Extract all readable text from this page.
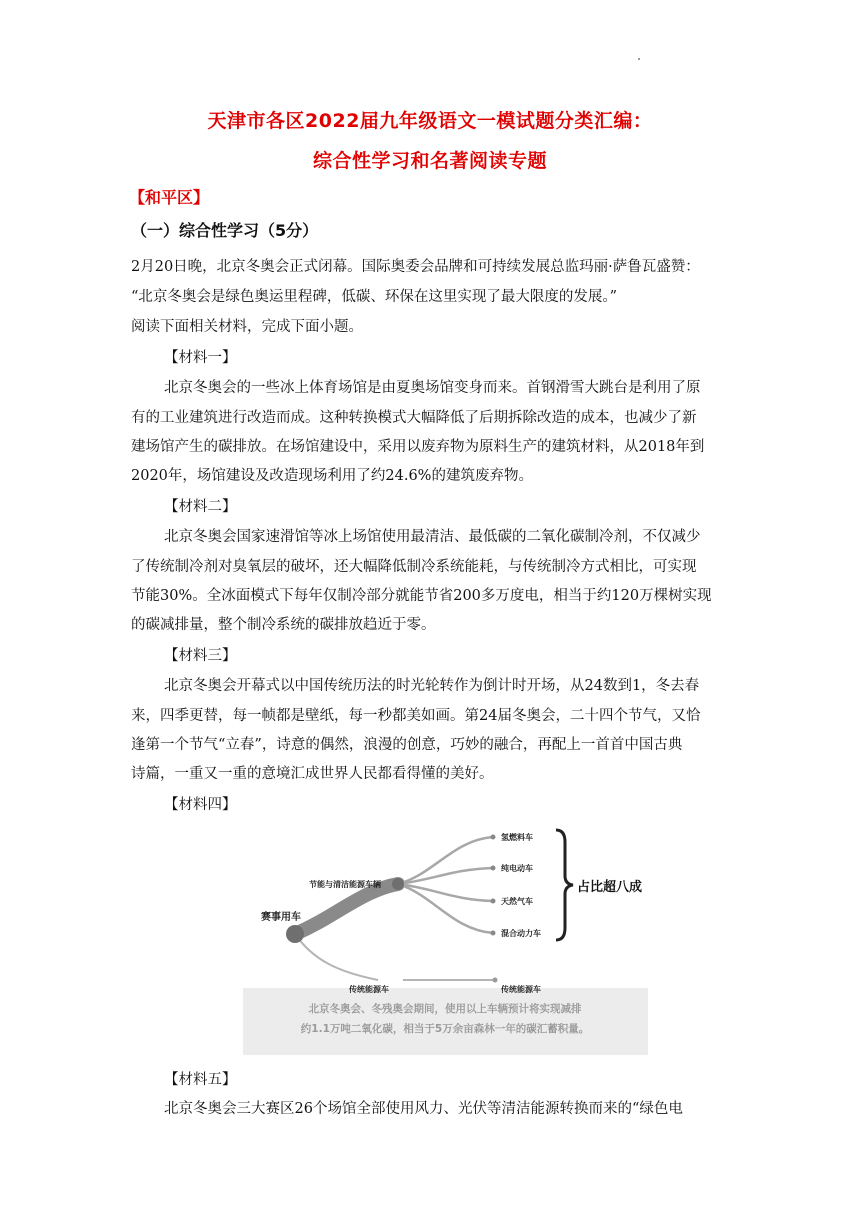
天津市各区2022届九年级语文一模试题分类汇编：
综合性学习和名著阅读专题
【和平区】
（一）综合性学习（5分）
2月20日晚，北京冬奥会正式闭幕。国际奥委会品牌和可持续发展总监玛丽·萨鲁瓦盛赞：
“北京冬奥会是绿色奥运里程碑，低碳、环保在这里实现了最大限度的发展。”
阅读下面相关材料，完成下面小题。
【材料一】
北京冬奥会的一些冰上体育场馆是由夏奥场馆变身而来。首钢滑雪大跳台是利用了原
有的工业建筑进行改造而成。这种转换模式大幅降低了后期拆除改造的成本，也减少了新
建场馆产生的碳排放。在场馆建设中，采用以废弃物为原料生产的建筑材料，从2018年到
2020年，场馆建设及改造现场利用了约24.6%的建筑废弃物。
【材料二】
北京冬奥会国家速滑馆等冰上场馆使用最清洁、最低碳的二氧化碳制冷剂，不仅减少
了传统制冷剂对臭氧层的破坏，还大幅降低制冷系统能耗，与传统制冷方式相比，可实现
节能30%。全冰面模式下每年仅制冷部分就能节省200多万度电，相当于约120万棵树实现
的碳减排量，整个制冷系统的碳排放趋近于零。
【材料三】
北京冬奥会开幕式以中国传统历法的时光轮转作为倒计时开场，从24数到1，冬去春
来，四季更替，每一帧都是壁纸，每一秒都美如画。第24届冬奥会，二十四个节气，又恰
逢第一个节气“立春”，诗意的偶然，浪漫的创意，巧妙的融合，再配上一首首中国古典
诗篇，一重又一重的意境汇成世界人民都看得懂的美好。
【材料四】
赛事用车
节能与清洁能源车辆
传统能源车
氢燃料车
纯电动车
天然气车
混合动力车
传统能源车
占比超八成
北京冬奥会、冬残奥会期间，使用以上车辆预计将实现减排
约1.1万吨二氧化碳，相当于5万余亩森林一年的碳汇蓄积量。
【材料五】
北京冬奥会三大赛区26个场馆全部使用风力、光伏等清洁能源转换而来的“绿色电
